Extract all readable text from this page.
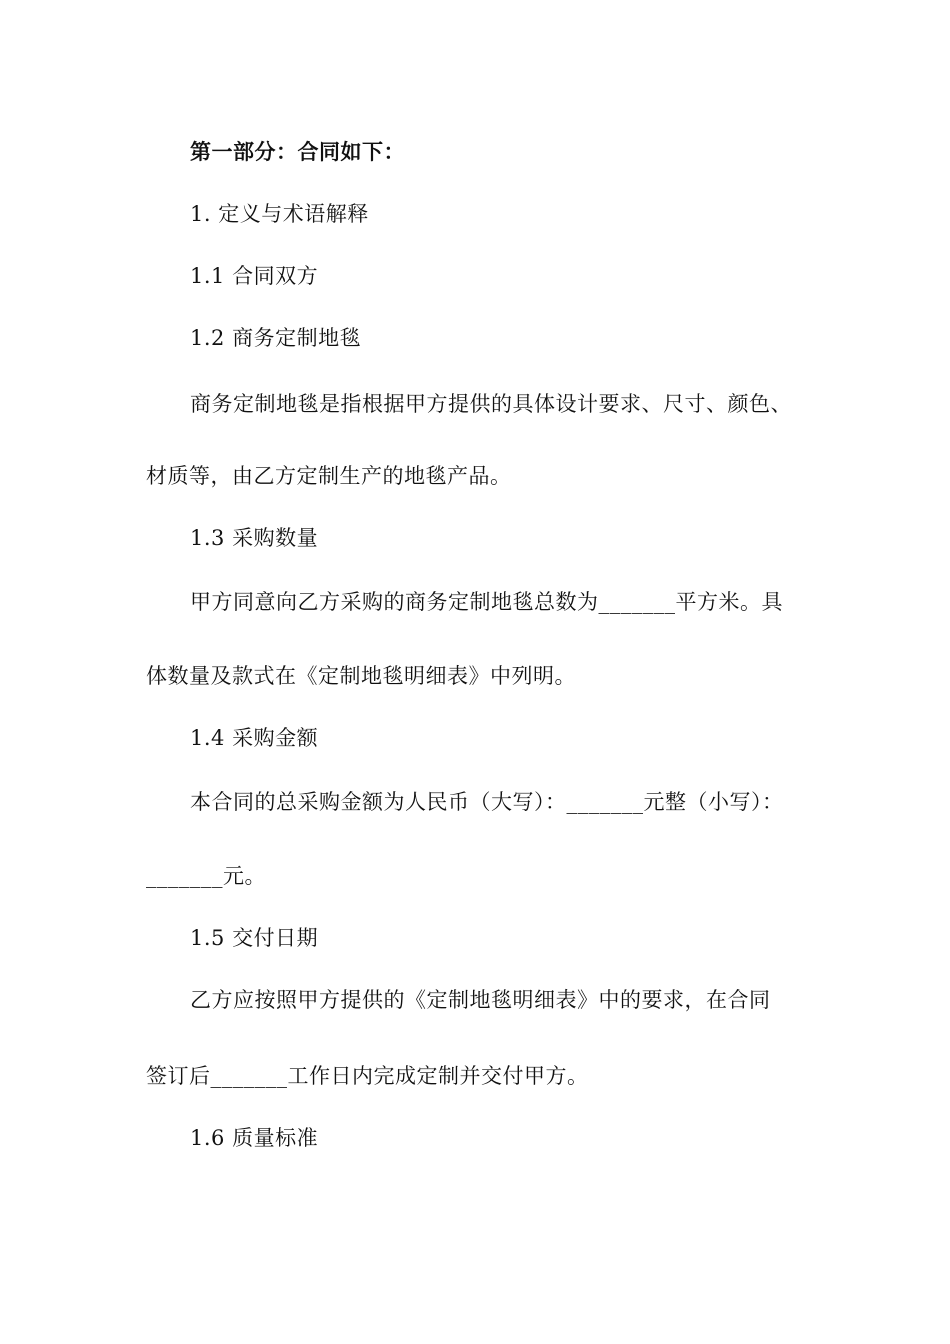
第一部分：合同如下：
1. 定义与术语解释
1.1 合同双方
1.2 商务定制地毯
商务定制地毯是指根据甲方提供的具体设计要求、尺寸、颜色、
材质等，由乙方定制生产的地毯产品。
1.3 采购数量
甲方同意向乙方采购的商务定制地毯总数为_______平方米。具
体数量及款式在《定制地毯明细表》中列明。
1.4 采购金额
本合同的总采购金额为人民币（大写）：_______元整（小写）：
_______元。
1.5 交付日期
乙方应按照甲方提供的《定制地毯明细表》中的要求，在合同
签订后_______工作日内完成定制并交付甲方。
1.6 质量标准
